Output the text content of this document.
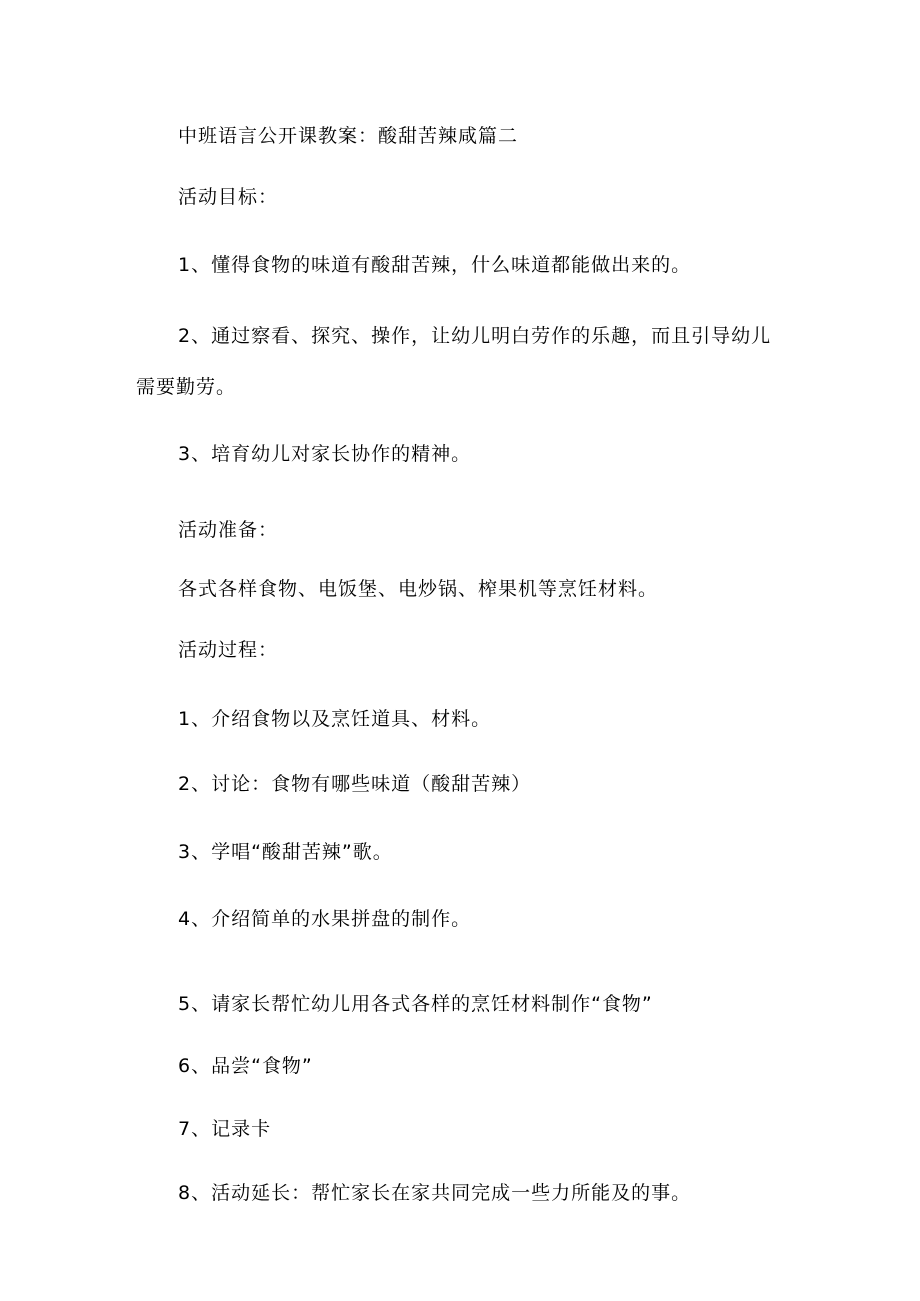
中班语言公开课教案：酸甜苦辣咸篇二

活动目标：

1、懂得食物的味道有酸甜苦辣，什么味道都能做出来的。

2、通过察看、探究、操作，让幼儿明白劳作的乐趣，而且引导幼儿

需要勤劳。

3、培育幼儿对家长协作的精神。

活动准备：

各式各样食物、电饭堡、电炒锅、榨果机等烹饪材料。

活动过程：

1、介绍食物以及烹饪道具、材料。

2、讨论：食物有哪些味道（酸甜苦辣）

3、学唱“酸甜苦辣”歌。

4、介绍简单的水果拼盘的制作。

5、请家长帮忙幼儿用各式各样的烹饪材料制作“食物”

6、品尝“食物”

7、记录卡

8、活动延长：帮忙家长在家共同完成一些力所能及的事。
